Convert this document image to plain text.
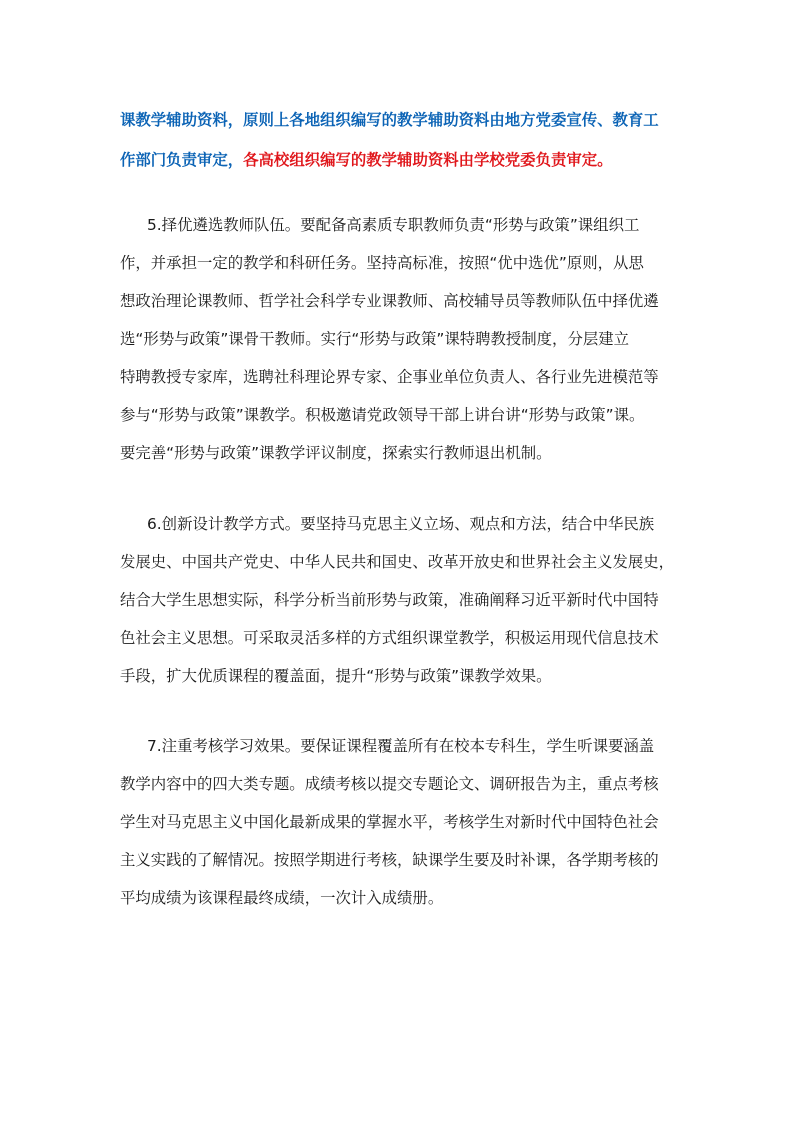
课教学辅助资料，原则上各地组织编写的教学辅助资料由地方党委宣传、教育工
作部门负责审定，各高校组织编写的教学辅助资料由学校党委负责审定。
5.择优遴选教师队伍。要配备高素质专职教师负责“形势与政策”课组织工
作，并承担一定的教学和科研任务。坚持高标准，按照“优中选优”原则，从思
想政治理论课教师、哲学社会科学专业课教师、高校辅导员等教师队伍中择优遴
选“形势与政策”课骨干教师。实行“形势与政策”课特聘教授制度，分层建立
特聘教授专家库，选聘社科理论界专家、企事业单位负责人、各行业先进模范等
参与“形势与政策”课教学。积极邀请党政领导干部上讲台讲“形势与政策”课。
要完善“形势与政策”课教学评议制度，探索实行教师退出机制。
6.创新设计教学方式。要坚持马克思主义立场、观点和方法，结合中华民族
发展史、中国共产党史、中华人民共和国史、改革开放史和世界社会主义发展史，
结合大学生思想实际，科学分析当前形势与政策，准确阐释习近平新时代中国特
色社会主义思想。可采取灵活多样的方式组织课堂教学，积极运用现代信息技术
手段，扩大优质课程的覆盖面，提升“形势与政策”课教学效果。
7.注重考核学习效果。要保证课程覆盖所有在校本专科生，学生听课要涵盖
教学内容中的四大类专题。成绩考核以提交专题论文、调研报告为主，重点考核
学生对马克思主义中国化最新成果的掌握水平，考核学生对新时代中国特色社会
主义实践的了解情况。按照学期进行考核，缺课学生要及时补课，各学期考核的
平均成绩为该课程最终成绩，一次计入成绩册。
